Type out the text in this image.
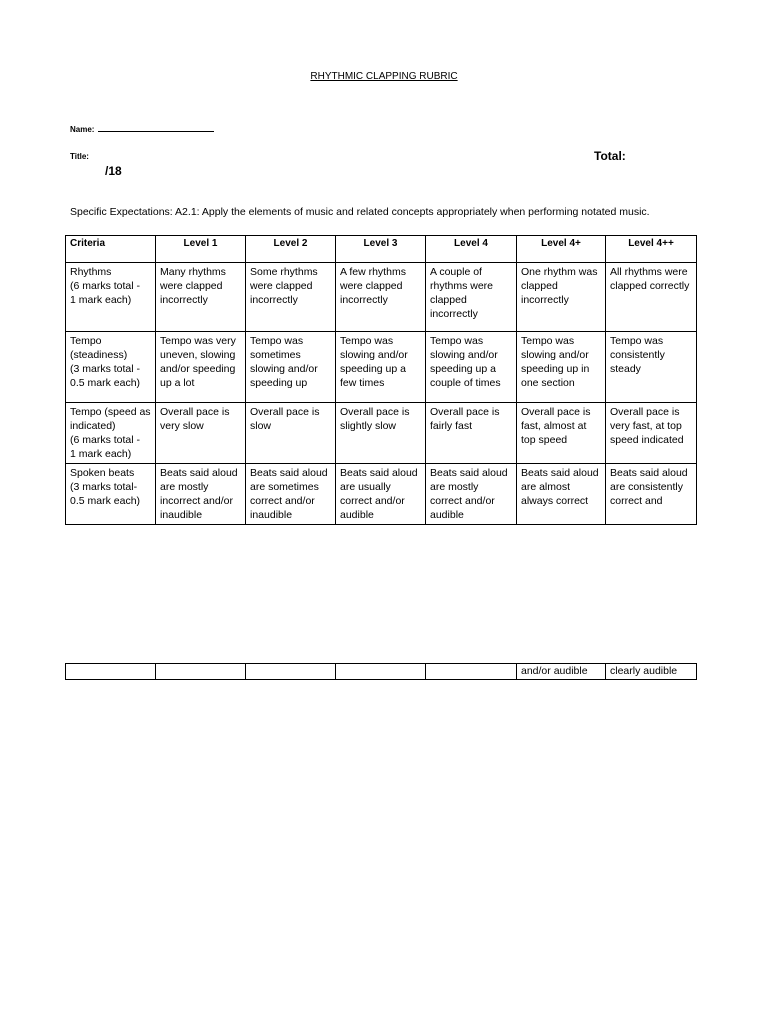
RHYTHMIC CLAPPING RUBRIC
Name:
Title:	Total:
/18
Specific Expectations: A2.1: Apply the elements of music and related concepts appropriately when performing notated music.
Criteria	Level 1	Level 2	Level 3	Level 4	Level 4+	Level 4++
Rhythms
(6 marks total -
1 mark each)	Many rhythms were clapped incorrectly	Some rhythms were clapped incorrectly	A few rhythms were clapped incorrectly	A couple of rhythms were clapped incorrectly	One rhythm was clapped incorrectly	All rhythms were clapped correctly
Tempo
(steadiness)
(3 marks total -
0.5 mark each)	Tempo was very uneven, slowing and/or speeding up a lot	Tempo was sometimes slowing and/or speeding up	Tempo was slowing and/or speeding up a few times	Tempo was slowing and/or speeding up a couple of times	Tempo was slowing and/or speeding up in one section	Tempo was consistently steady
Tempo (speed as indicated)
(6 marks total -
1 mark each)	Overall pace is very slow	Overall pace is slow	Overall pace is slightly slow	Overall pace is fairly fast	Overall pace is fast, almost at top speed	Overall pace is very fast, at top speed indicated
Spoken beats
(3 marks total-
0.5 mark each)	Beats said aloud are mostly incorrect and/or inaudible	Beats said aloud are sometimes correct and/or inaudible	Beats said aloud are usually correct and/or audible	Beats said aloud are mostly correct and/or audible	Beats said aloud are almost always correct	Beats said aloud are consistently correct and
					and/or audible	clearly audible
